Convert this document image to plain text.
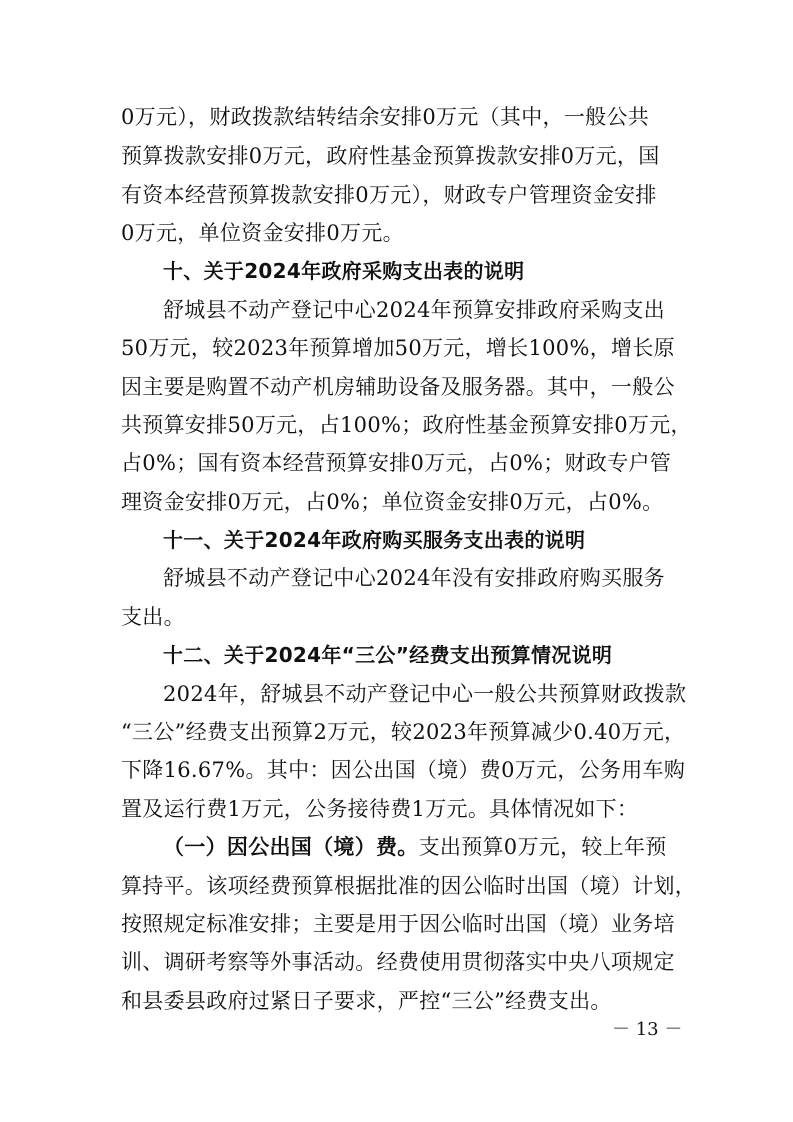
0万元），财政拨款结转结余安排0万元（其中，一般公共
预算拨款安排0万元，政府性基金预算拨款安排0万元，国
有资本经营预算拨款安排0万元），财政专户管理资金安排
0万元，单位资金安排0万元。
十、关于2024年政府采购支出表的说明
舒城县不动产登记中心2024年预算安排政府采购支出
50万元，较2023年预算增加50万元，增长100%，增长原
因主要是购置不动产机房辅助设备及服务器。其中，一般公
共预算安排50万元，占100%；政府性基金预算安排0万元，
占0%；国有资本经营预算安排0万元，占0%；财政专户管
理资金安排0万元，占0%；单位资金安排0万元，占0%。
十一、关于2024年政府购买服务支出表的说明
舒城县不动产登记中心2024年没有安排政府购买服务
支出。
十二、关于2024年“三公”经费支出预算情况说明
2024年，舒城县不动产登记中心一般公共预算财政拨款
“三公”经费支出预算2万元，较2023年预算减少0.40万元，
下降16.67%。其中：因公出国（境）费0万元，公务用车购
置及运行费1万元，公务接待费1万元。具体情况如下：
（一）因公出国（境）费。支出预算0万元，较上年预
算持平。该项经费预算根据批准的因公临时出国（境）计划，
按照规定标准安排；主要是用于因公临时出国（境）业务培
训、调研考察等外事活动。经费使用贯彻落实中央八项规定
和县委县政府过紧日子要求，严控“三公”经费支出。
－ 13 －
